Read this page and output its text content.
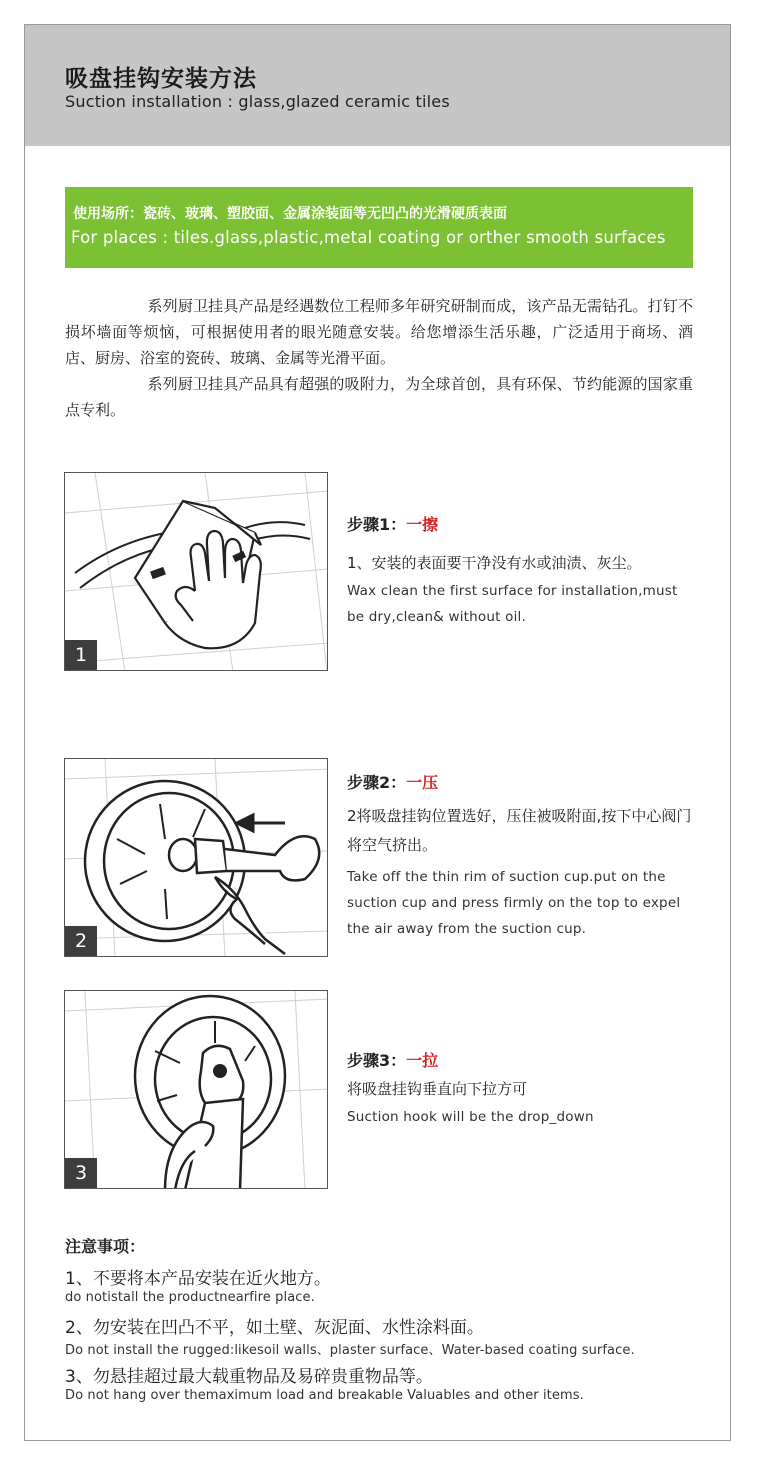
吸盘挂钩安装方法
Suction installation : glass,glazed ceramic tiles
使用场所：瓷砖、玻璃、塑胶面、金属涂装面等无凹凸的光滑硬质表面
For places : tiles.glass,plastic,metal coating or orther smooth surfaces

系列厨卫挂具产品是经遇数位工程师多年研究研制而成，该产品无需钻孔。打钉不损坏墙面等烦恼，可根据使用者的眼光随意安装。给您增添生活乐趣，广泛适用于商场、酒店、厨房、浴室的瓷砖、玻璃、金属等光滑平面。

系列厨卫挂具产品具有超强的吸附力，为全球首创，具有环保、节约能源的国家重点专利。

1
步骤1：一擦
1、安装的表面要干净没有水或油渍、灰尘。
Wax clean the first surface for installation,must be dry,clean& without oil.
2
步骤2：一压
2将吸盘挂钩位置选好，压住被吸附面,按下中心阀门将空气挤出。
Take off the thin rim of suction cup.put on the suction cup and press firmly on the top to expel the air away from the suction cup.
3
步骤3：一拉
将吸盘挂钩垂直向下拉方可
Suction hook will be the drop_down
注意事项：
1、不要将本产品安装在近火地方。
do notistall the productnearfire place.
2、勿安装在凹凸不平，如土壁、灰泥面、水性涂料面。
Do not install the rugged:likesoil walls、plaster surface、Water-based coating surface.
3、勿悬挂超过最大载重物品及易碎贵重物品等。
Do not hang over themaximum load and breakable Valuables and other items.
